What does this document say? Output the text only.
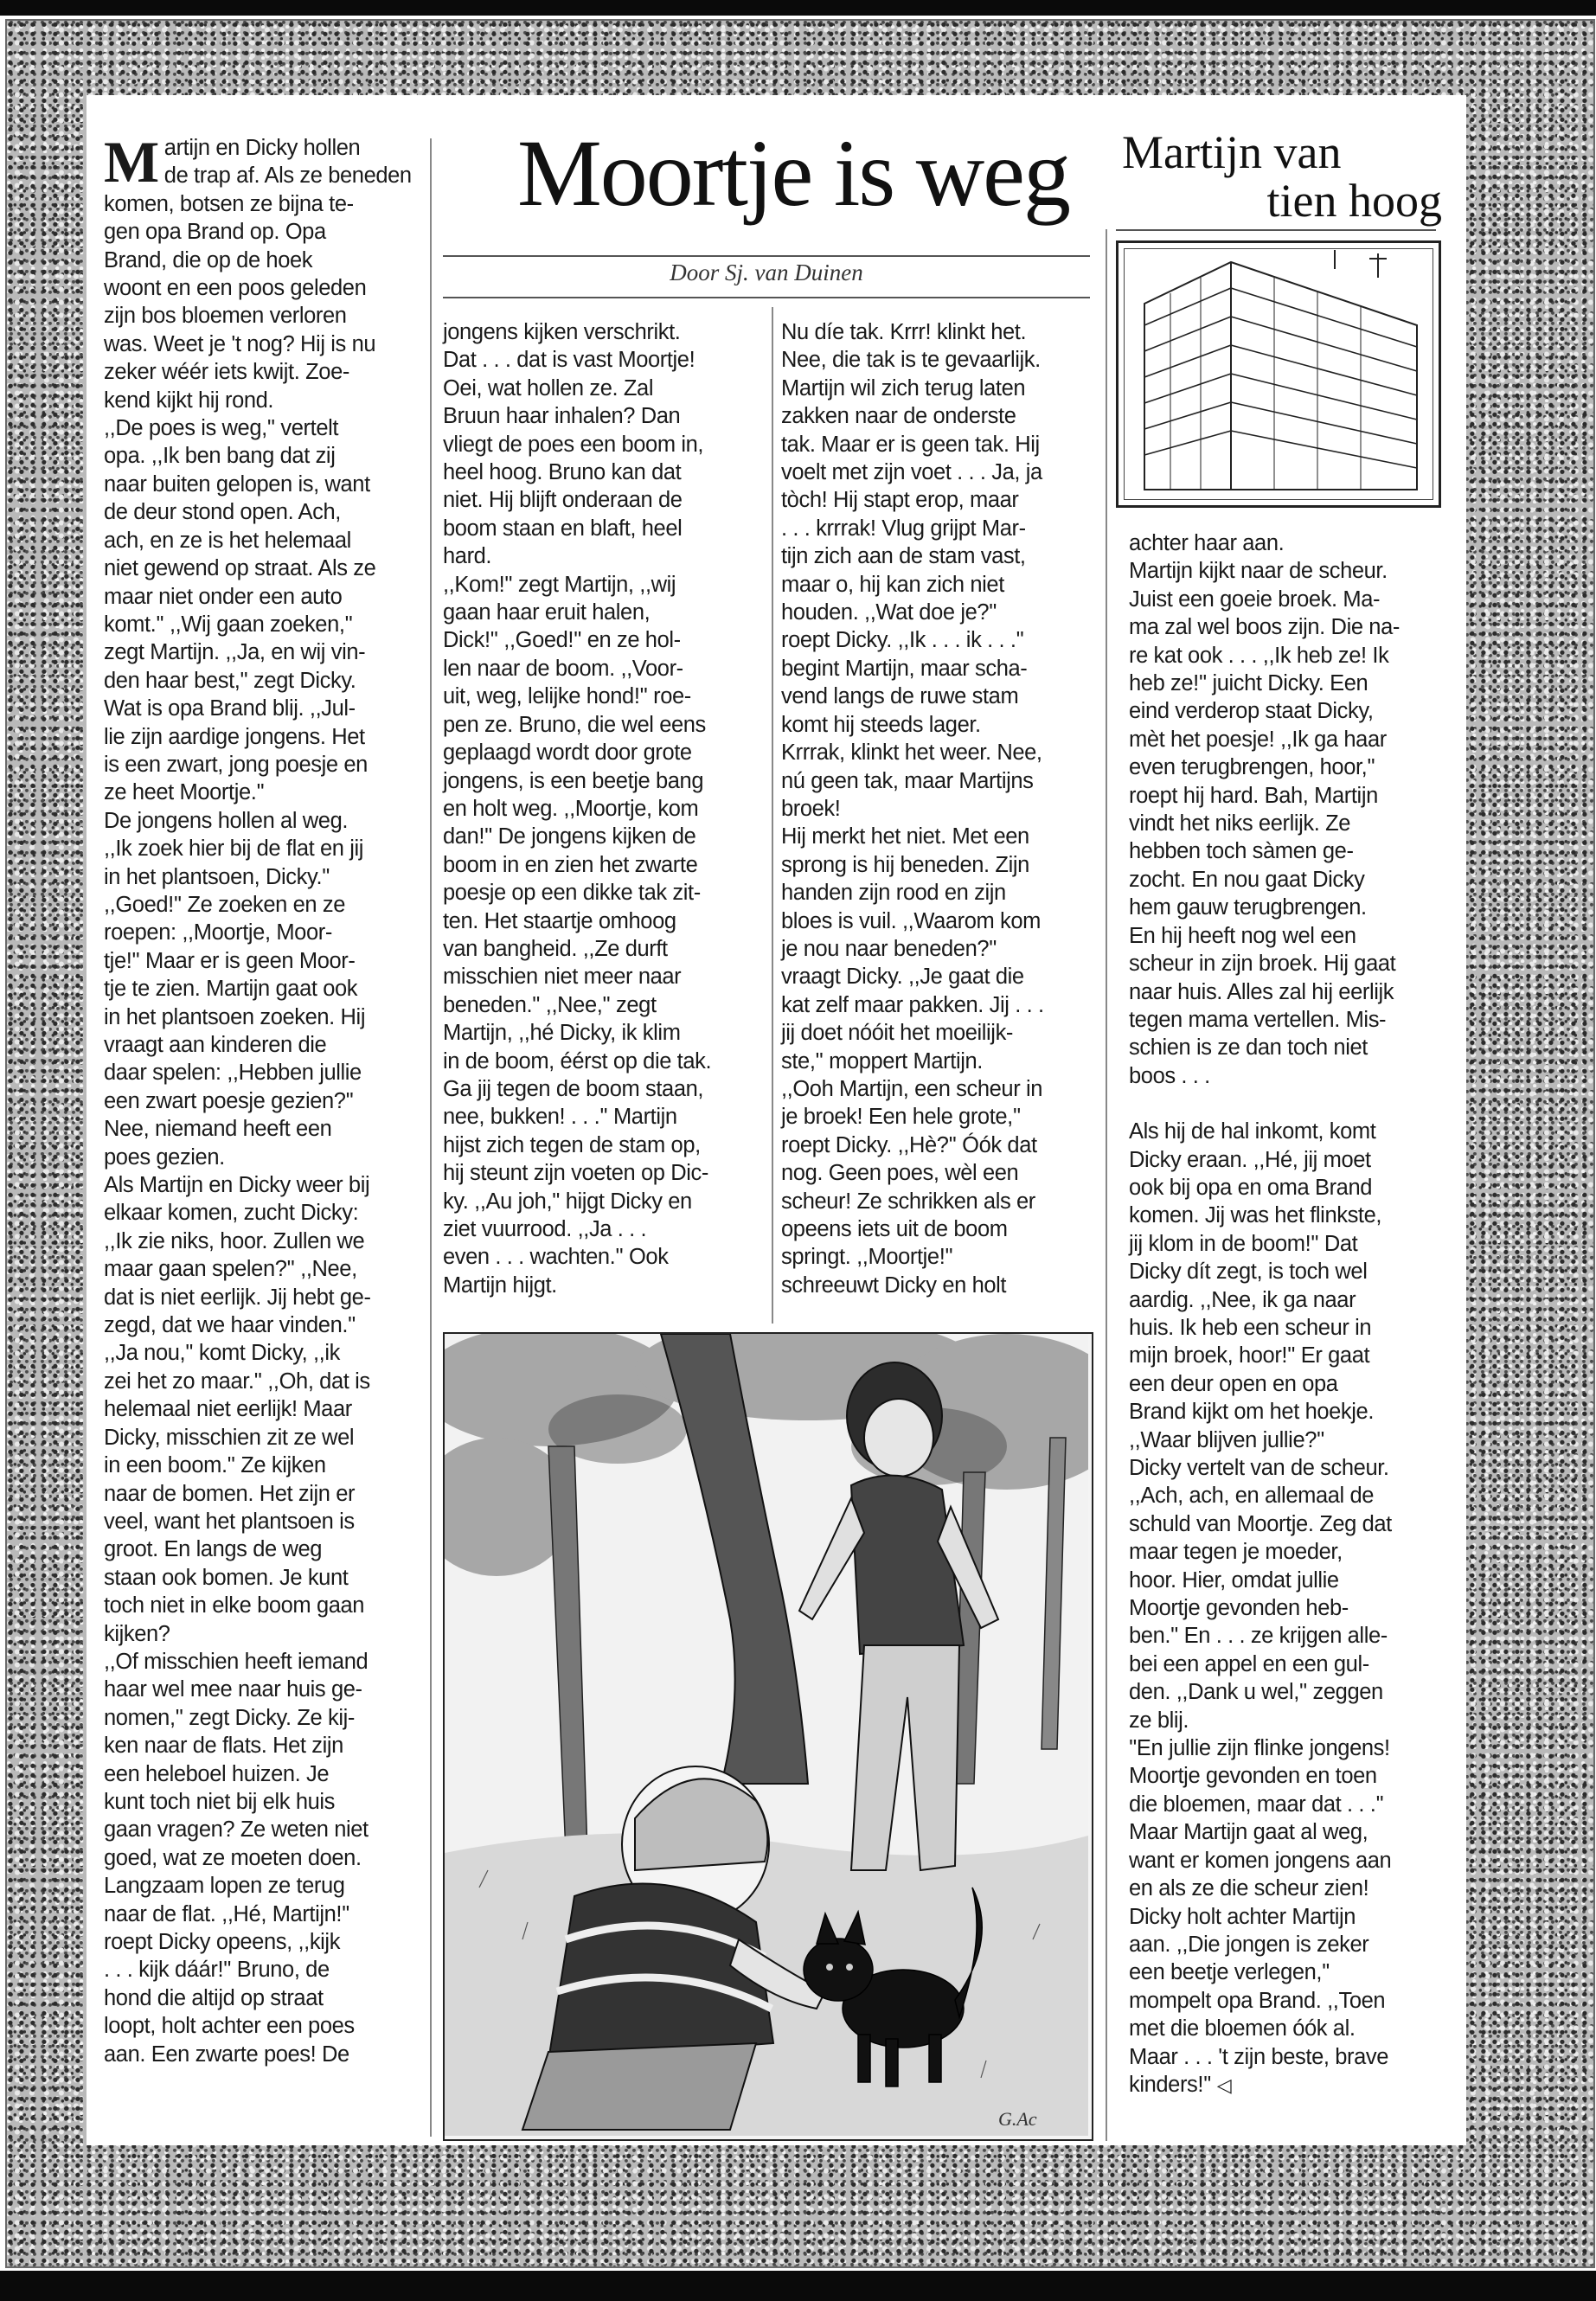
M artijn en Dicky hollen
de trap af. Als ze beneden
komen, botsen ze bijna te-
gen opa Brand op. Opa
Brand, die op de hoek
woont en een poos geleden
zijn bos bloemen verloren
was. Weet je 't nog? Hij is nu
zeker wéér iets kwijt. Zoe-
kend kijkt hij rond.

,,De poes is weg,'' vertelt
opa. ,,Ik ben bang dat zij
naar buiten gelopen is, want
de deur stond open. Ach,
ach, en ze is het helemaal
niet gewend op straat. Als ze
maar niet onder een auto
komt.'' ,,Wij gaan zoeken,''
zegt Martijn. ,,Ja, en wij vin-
den haar best,'' zegt Dicky.
Wat is opa Brand blij. ,,Jul-
lie zijn aardige jongens. Het
is een zwart, jong poesje en
ze heet Moortje.''
De jongens hollen al weg.
,,Ik zoek hier bij de flat en jij
in het plantsoen, Dicky.''
,,Goed!'' Ze zoeken en ze
roepen: ,,Moortje, Moor-
tje!'' Maar er is geen Moor-
tje te zien. Martijn gaat ook
in het plantsoen zoeken. Hij
vraagt aan kinderen die
daar spelen: ,,Hebben jullie
een zwart poesje gezien?''
Nee, niemand heeft een
poes gezien.
Als Martijn en Dicky weer bij
elkaar komen, zucht Dicky:
,,Ik zie niks, hoor. Zullen we
maar gaan spelen?'' ,,Nee,
dat is niet eerlijk. Jij hebt ge-
zegd, dat we haar vinden.''
,,Ja nou,'' komt Dicky, ,,ik
zei het zo maar.'' ,,Oh, dat is
helemaal niet eerlijk! Maar
Dicky, misschien zit ze wel
in een boom.'' Ze kijken
naar de bomen. Het zijn er
veel, want het plantsoen is
groot. En langs de weg
staan ook bomen. Je kunt
toch niet in elke boom gaan
kijken?
,,Of misschien heeft iemand
haar wel mee naar huis ge-
nomen,'' zegt Dicky. Ze kij-
ken naar de flats. Het zijn
een heleboel huizen. Je
kunt toch niet bij elk huis
gaan vragen? Ze weten niet
goed, wat ze moeten doen.
Langzaam lopen ze terug
naar de flat. ,,Hé, Martijn!''
roept Dicky opeens, ,,kijk
. . . kijk dáár!'' Bruno, de
hond die altijd op straat
loopt, holt achter een poes
aan. Een zwarte poes! De

Moortje is weg
Door Sj. van Duinen
Martijn van
tien hoog

jongens kijken verschrikt.
Dat . . . dat is vast Moortje!
Oei, wat hollen ze. Zal
Bruun haar inhalen? Dan
vliegt de poes een boom in,
heel hoog. Bruno kan dat
niet. Hij blijft onderaan de
boom staan en blaft, heel
hard.
,,Kom!'' zegt Martijn, ,,wij
gaan haar eruit halen,
Dick!'' ,,Goed!'' en ze hol-
len naar de boom. ,,Voor-
uit, weg, lelijke hond!'' roe-
pen ze. Bruno, die wel eens
geplaagd wordt door grote
jongens, is een beetje bang
en holt weg. ,,Moortje, kom
dan!'' De jongens kijken de
boom in en zien het zwarte
poesje op een dikke tak zit-
ten. Het staartje omhoog
van bangheid. ,,Ze durft
misschien niet meer naar
beneden.'' ,,Nee,'' zegt
Martijn, ,,hé Dicky, ik klim
in de boom, éérst op die tak.
Ga jij tegen de boom staan,
nee, bukken! . . .'' Martijn
hijst zich tegen de stam op,
hij steunt zijn voeten op Dic-
ky. ,,Au joh,'' hijgt Dicky en
ziet vuurrood. ,,Ja . . .
even . . . wachten.'' Ook
Martijn hijgt.

Nu díe tak. Krrr! klinkt het.
Nee, die tak is te gevaarlijk.
Martijn wil zich terug laten
zakken naar de onderste
tak. Maar er is geen tak. Hij
voelt met zijn voet . . . Ja, ja
tòch! Hij stapt erop, maar
. . . krrrak! Vlug grijpt Mar-
tijn zich aan de stam vast,
maar o, hij kan zich niet
houden. ,,Wat doe je?''
roept Dicky. ,,Ik . . . ik . . .''
begint Martijn, maar scha-
vend langs de ruwe stam
komt hij steeds lager.
Krrrak, klinkt het weer. Nee,
nú geen tak, maar Martijns
broek!
Hij merkt het niet. Met een
sprong is hij beneden. Zijn
handen zijn rood en zijn
bloes is vuil. ,,Waarom kom
je nou naar beneden?''
vraagt Dicky. ,,Je gaat die
kat zelf maar pakken. Jij . . .
jij doet nóóit het moeilijk-
ste,'' moppert Martijn.
,,Ooh Martijn, een scheur in
je broek! Een hele grote,''
roept Dicky. ,,Hè?'' Óók dat
nog. Geen poes, wèl een
scheur! Ze schrikken als er
opeens iets uit de boom
springt. ,,Moortje!''
schreeuwt Dicky en holt

achter haar aan.
Martijn kijkt naar de scheur.
Juist een goeie broek. Ma-
ma zal wel boos zijn. Die na-
re kat ook . . . ,,Ik heb ze! Ik
heb ze!'' juicht Dicky. Een
eind verderop staat Dicky,
mèt het poesje! ,,Ik ga haar
even terugbrengen, hoor,''
roept hij hard. Bah, Martijn
vindt het niks eerlijk. Ze
hebben toch sàmen ge-
zocht. En nou gaat Dicky
hem gauw terugbrengen.
En hij heeft nog wel een
scheur in zijn broek. Hij gaat
naar huis. Alles zal hij eerlijk
tegen mama vertellen. Mis-
schien is ze dan toch niet
boos . . .

Als hij de hal inkomt, komt
Dicky eraan. ,,Hé, jij moet
ook bij opa en oma Brand
komen. Jij was het flinkste,
jij klom in de boom!'' Dat
Dicky dít zegt, is toch wel
aardig. ,,Nee, ik ga naar
huis. Ik heb een scheur in
mijn broek, hoor!'' Er gaat
een deur open en opa
Brand kijkt om het hoekje.
,,Waar blijven jullie?''
Dicky vertelt van de scheur.
,,Ach, ach, en allemaal de
schuld van Moortje. Zeg dat
maar tegen je moeder,
hoor. Hier, omdat jullie
Moortje gevonden heb-
ben.'' En . . . ze krijgen alle-
bei een appel en een gul-
den. ,,Dank u wel,'' zeggen
ze blij.
''En jullie zijn flinke jongens!
Moortje gevonden en toen
die bloemen, maar dat . . .''
Maar Martijn gaat al weg,
want er komen jongens aan
en als ze die scheur zien!
Dicky holt achter Martijn
aan. ,,Die jongen is zeker
een beetje verlegen,''
mompelt opa Brand. ,,Toen
met die bloemen óók al.
Maar . . . 't zijn beste, brave
kinders!'' ◁

G.Ac
